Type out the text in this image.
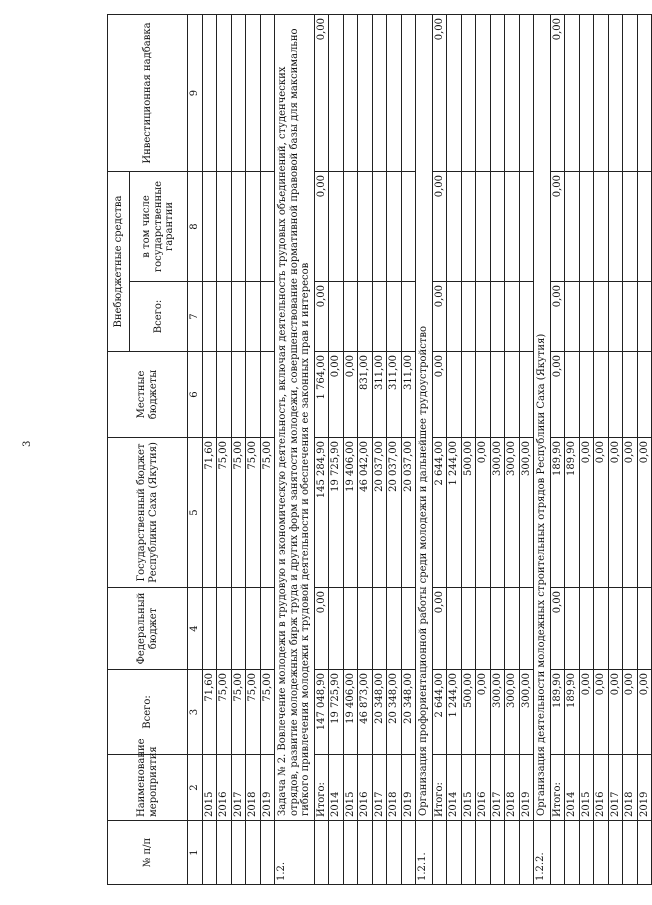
3
№ п/п	Наименование мероприятия	Всего:	Федеральный бюджет	Государственный бюджет Республики Саха (Якутия)	Местные бюджеты	Внебюджетные средства		Инвестиционная надбавка
						Всего:	в том числе государственные гарантии	
1	2	3	4	5	6	7	8	9
	2015	71,60		71,60				
	2016	75,00		75,00				
	2017	75,00		75,00				
	2018	75,00		75,00				
	2019	75,00		75,00				
1.2.	Задача № 2. Вовлечение молодежи в трудовую и экономическую деятельность, включая деятельность трудовых объединений, студенческих отрядов, развитие молодежных бирж труда и других форм занятости молодежи, совершенствование нормативной правовой базы для максимально гибкого привлечения молодежи к трудовой деятельности и обеспечения ее законных прав и интересов							
	Итого:	147 048,90	0,00	145 284,90	1 764,00	0,00	0,00	0,00
	2014	19 725,90		19 725,90	0,00			
	2015	19 406,00		19 406,00	0,00			
	2016	46 873,00		46 042,00	831,00			
	2017	20 348,00		20 037,00	311,00			
	2018	20 348,00		20 037,00	311,00			
	2019	20 348,00		20 037,00	311,00			
1.2.1.	Организация профориентационной работы среди молодежи и дальнейшее трудоустройство							
	Итого:	2 644,00	0,00	2 644,00	0,00	0,00	0,00	0,00
	2014	1 244,00		1 244,00				
	2015	500,00		500,00				
	2016	0,00		0,00				
	2017	300,00		300,00				
	2018	300,00		300,00				
	2019	300,00		300,00				
1.2.2.	Организация деятельности молодежных строительных отрядов Республики Саха (Якутия)							
	Итого:	189,90	0,00	189,90	0,00	0,00	0,00	0,00
	2014	189,90		189,90				
	2015	0,00		0,00				
	2016	0,00		0,00				
	2017	0,00		0,00				
	2018	0,00		0,00				
	2019	0,00		0,00				
